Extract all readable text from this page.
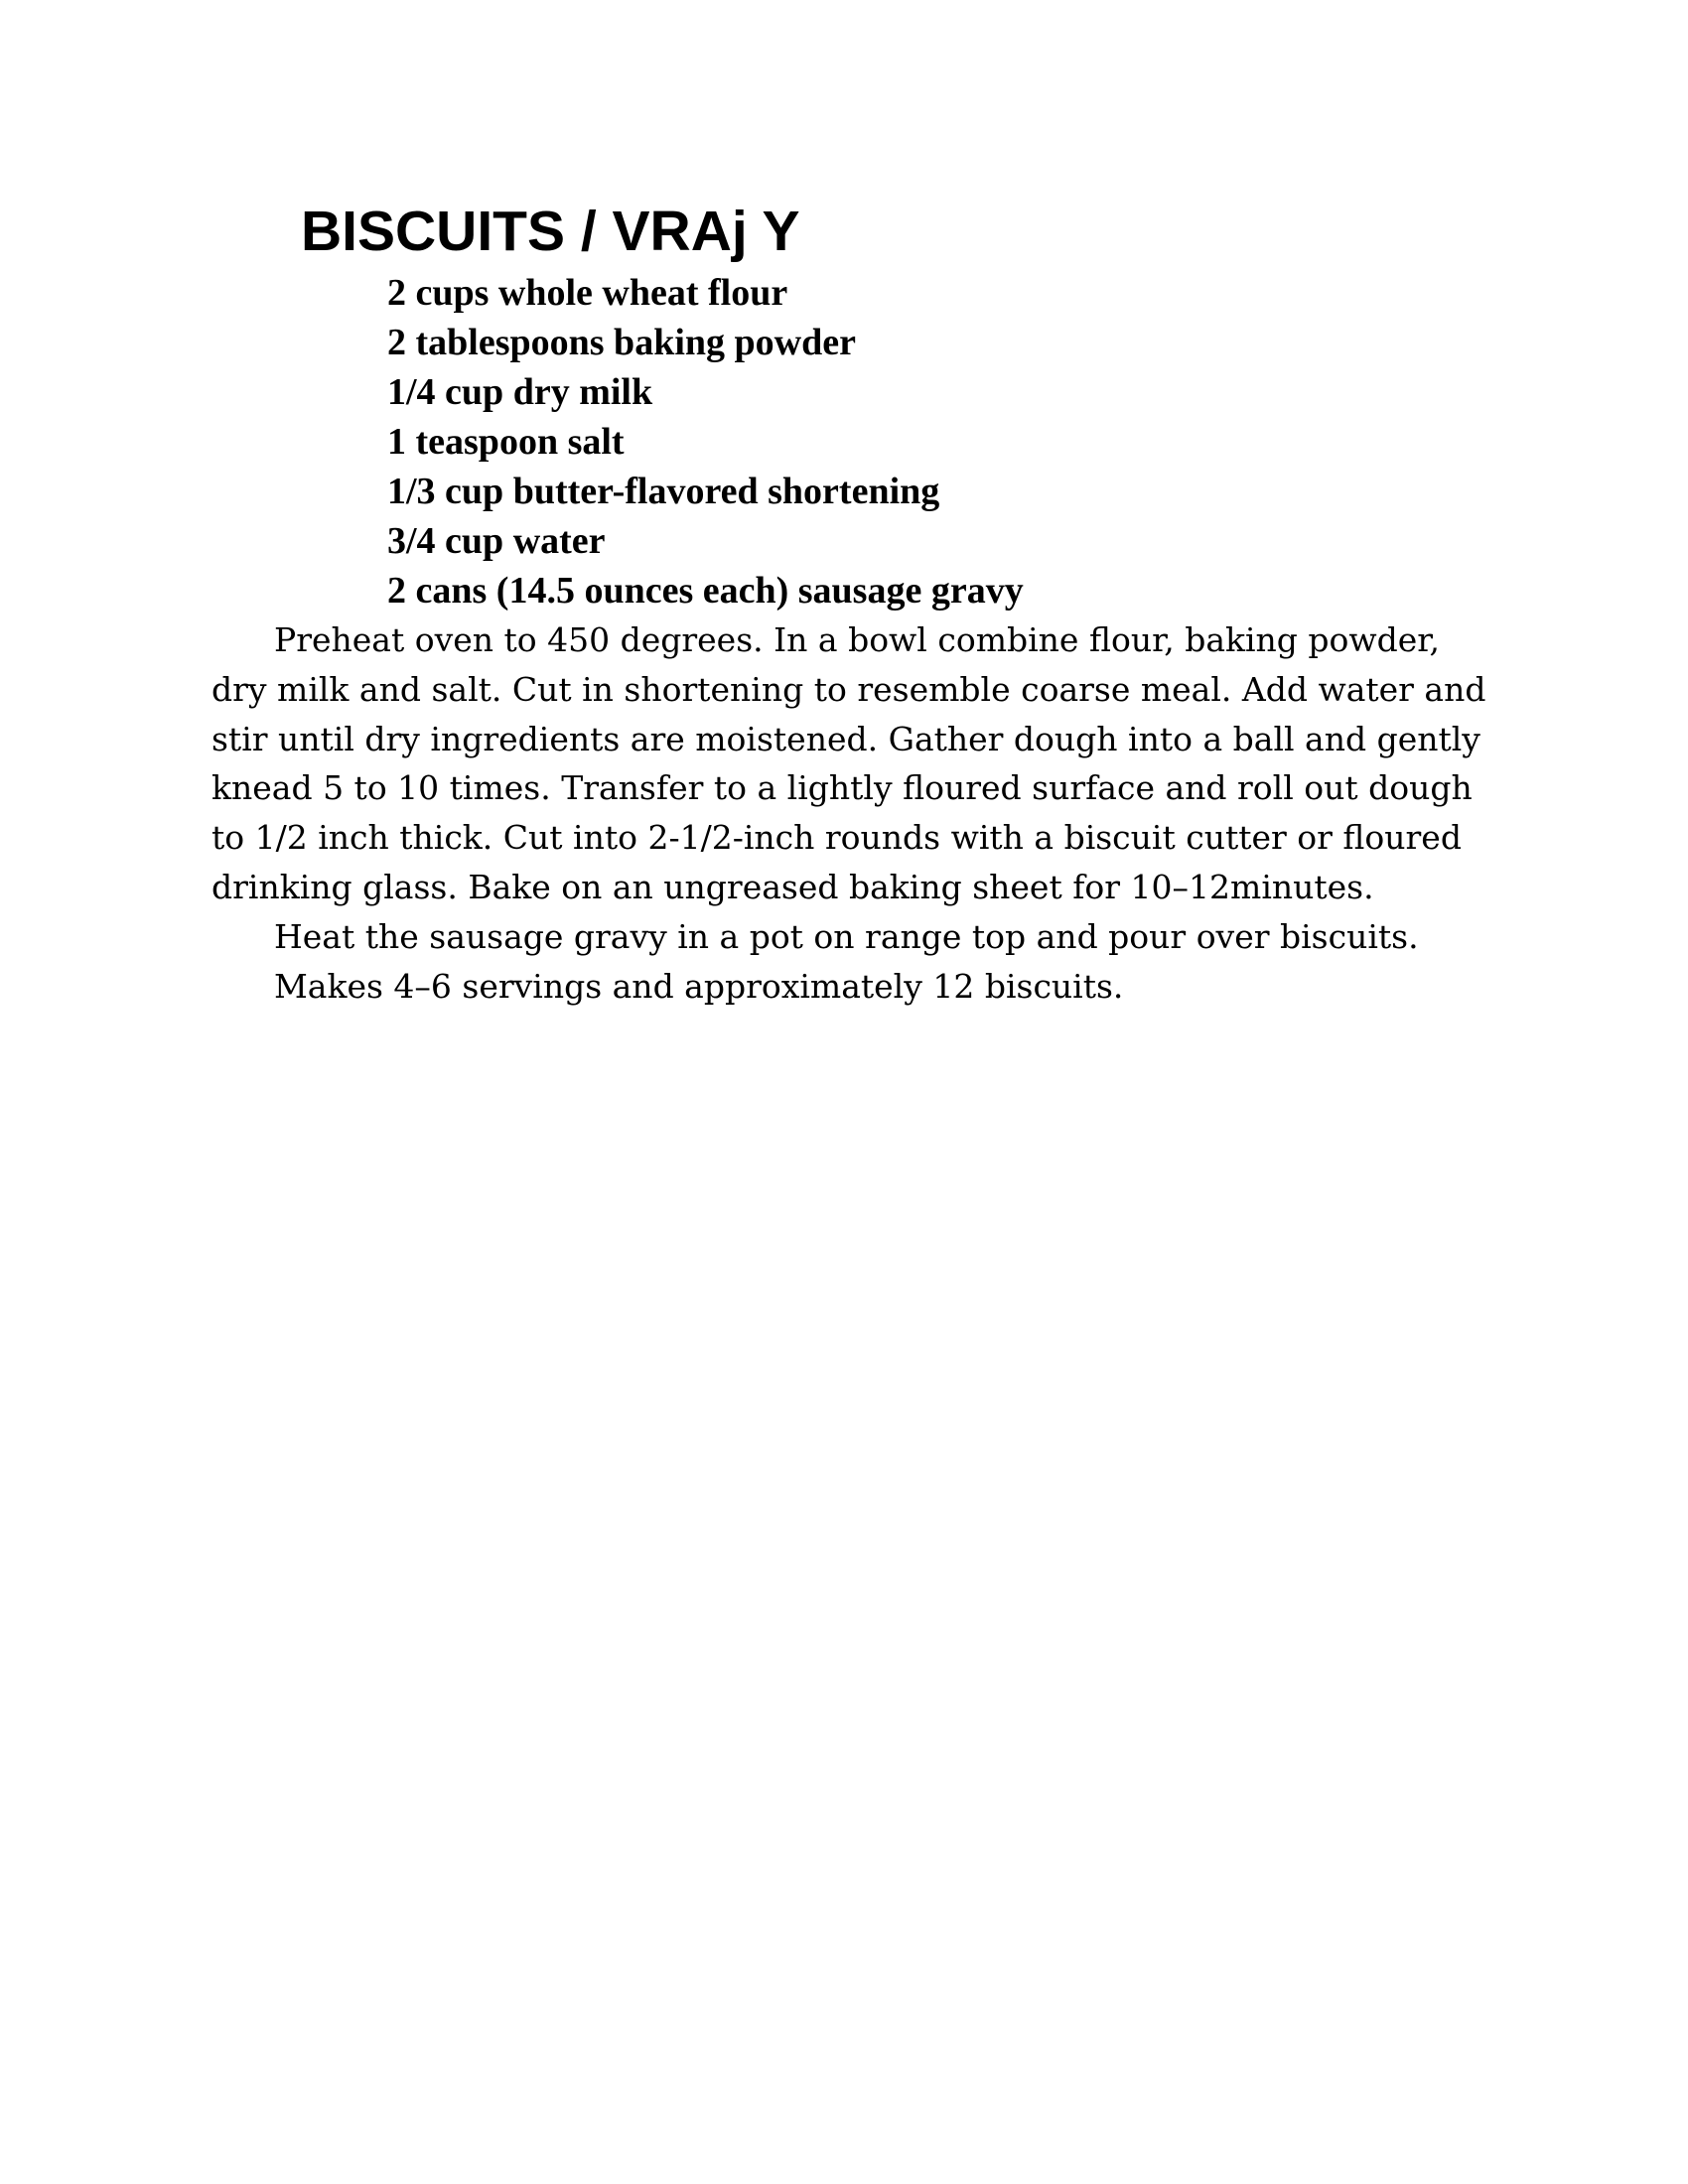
BISCUITS / VRAj Y
2 cups whole wheat flour
2 tablespoons baking powder
1/4 cup dry milk
1 teaspoon salt
1/3 cup butter-flavored shortening
3/4 cup water
2 cans (14.5 ounces each) sausage gravy

Preheat oven to 450 degrees. In a bowl combine flour, baking powder, dry milk and salt. Cut in shortening to resemble coarse meal. Add water and stir until dry ingredients are moistened. Gather dough into a ball and gently knead 5 to 10 times. Transfer to a lightly floured surface and roll out dough to 1/2 inch thick. Cut into 2-1/2-inch rounds with a biscuit cutter or floured drinking glass. Bake on an ungreased baking sheet for 10–12minutes.

Heat the sausage gravy in a pot on range top and pour over biscuits.

Makes 4–6 servings and approximately 12 biscuits.
